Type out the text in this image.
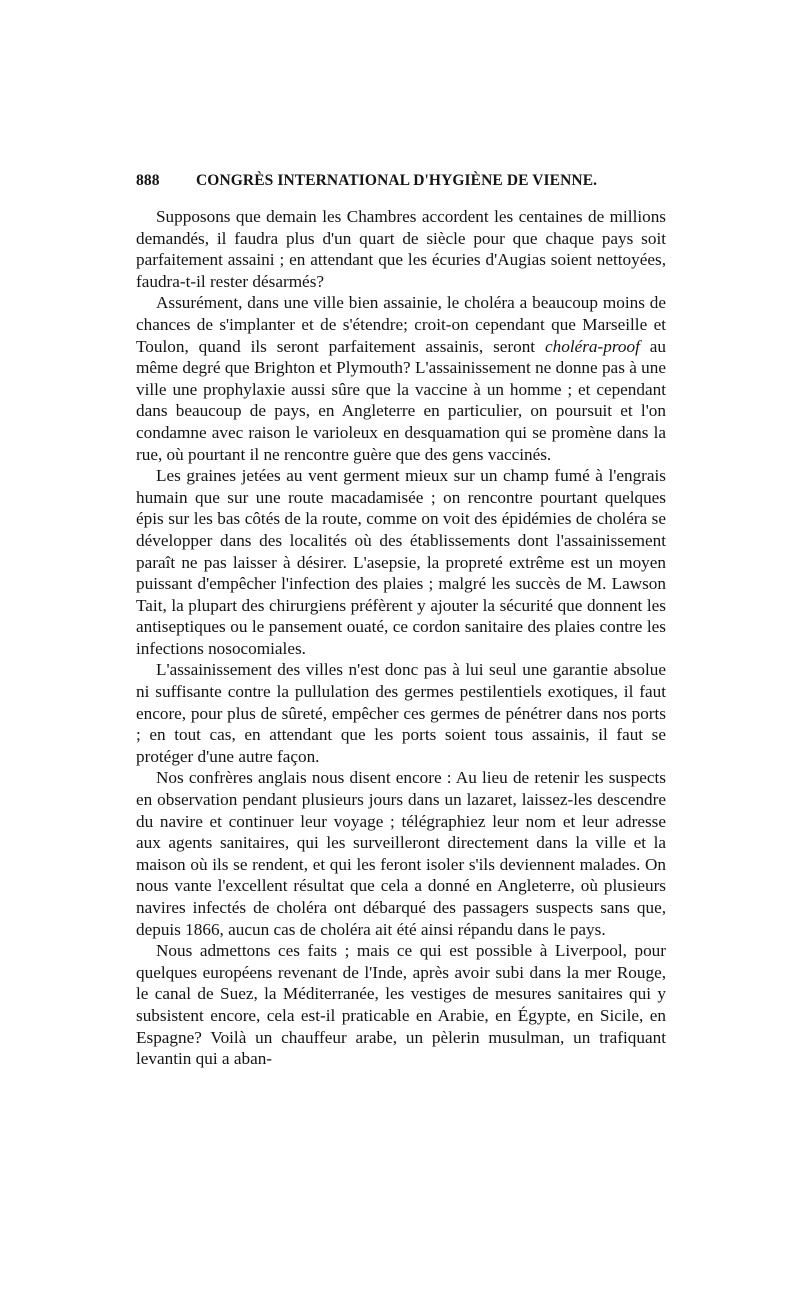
888	CONGRÈS INTERNATIONAL D'HYGIÈNE DE VIENNE.

Supposons que demain les Chambres accordent les centaines de millions demandés, il faudra plus d'un quart de siècle pour que chaque pays soit parfaitement assaini ; en attendant que les écuries d'Augias soient nettoyées, faudra-t-il rester désarmés?

Assurément, dans une ville bien assainie, le choléra a beaucoup moins de chances de s'implanter et de s'étendre; croit-on cependant que Marseille et Toulon, quand ils seront parfaitement assainis, seront choléra-proof au même degré que Brighton et Plymouth? L'assainissement ne donne pas à une ville une prophylaxie aussi sûre que la vaccine à un homme ; et cependant dans beaucoup de pays, en Angleterre en particulier, on poursuit et l'on condamne avec raison le varioleux en desquamation qui se promène dans la rue, où pourtant il ne rencontre guère que des gens vaccinés.

Les graines jetées au vent germent mieux sur un champ fumé à l'engrais humain que sur une route macadamisée ; on rencontre pourtant quelques épis sur les bas côtés de la route, comme on voit des épidémies de choléra se développer dans des localités où des établissements dont l'assainissement paraît ne pas laisser à désirer. L'asepsie, la propreté extrême est un moyen puissant d'empêcher l'infection des plaies ; malgré les succès de M. Lawson Tait, la plupart des chirurgiens préfèrent y ajouter la sécurité que donnent les antiseptiques ou le pansement ouaté, ce cordon sanitaire des plaies contre les infections nosocomiales.

L'assainissement des villes n'est donc pas à lui seul une garantie absolue ni suffisante contre la pullulation des germes pestilentiels exotiques, il faut encore, pour plus de sûreté, empêcher ces germes de pénétrer dans nos ports ; en tout cas, en attendant que les ports soient tous assainis, il faut se protéger d'une autre façon.

Nos confrères anglais nous disent encore : Au lieu de retenir les suspects en observation pendant plusieurs jours dans un lazaret, laissez-les descendre du navire et continuer leur voyage ; télégraphiez leur nom et leur adresse aux agents sanitaires, qui les surveilleront directement dans la ville et la maison où ils se rendent, et qui les feront isoler s'ils deviennent malades. On nous vante l'excellent résultat que cela a donné en Angleterre, où plusieurs navires infectés de choléra ont débarqué des passagers suspects sans que, depuis 1866, aucun cas de choléra ait été ainsi répandu dans le pays.

Nous admettons ces faits ; mais ce qui est possible à Liverpool, pour quelques européens revenant de l'Inde, après avoir subi dans la mer Rouge, le canal de Suez, la Méditerranée, les vestiges de mesures sanitaires qui y subsistent encore, cela est-il praticable en Arabie, en Égypte, en Sicile, en Espagne? Voilà un chauffeur arabe, un pèlerin musulman, un trafiquant levantin qui a aban-
